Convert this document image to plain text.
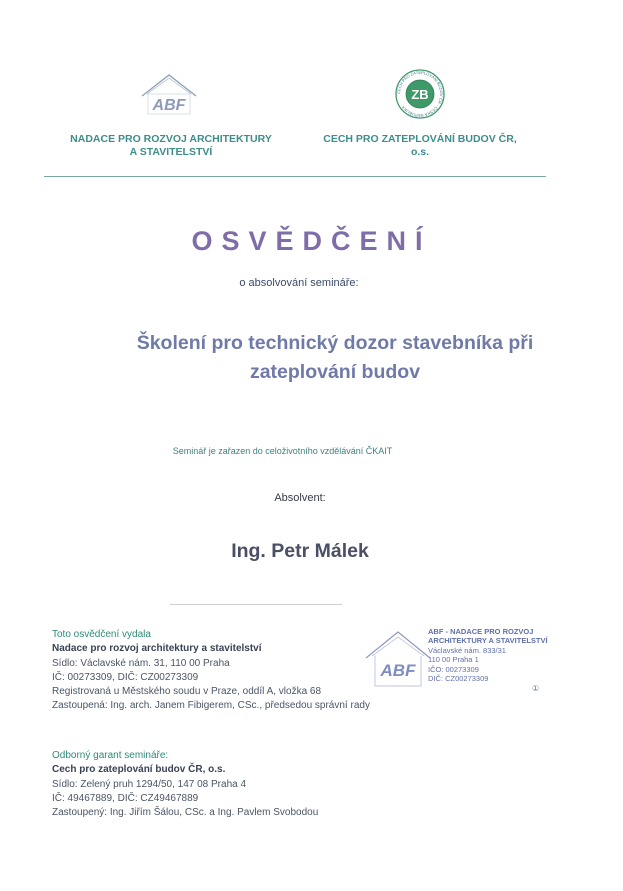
ABF
ZB
CECH PRO ZATEPLOVÁNÍ BUDOV ČR · ČESKÁ REPUBLIKA
NADACE PRO ROZVOJ ARCHITEKTURY
A STAVITELSTVÍ
CECH PRO ZATEPLOVÁNÍ BUDOV ČR,
o.s.
OSVĚDČENÍ
o absolvování semináře:
Školení pro technický dozor stavebníka při
zateplování budov
Seminář je zařazen do celoživotního vzdělávání ČKAIT
Absolvent:
Ing. Petr Málek
Toto osvědčení vydala
Nadace pro rozvoj architektury a stavitelství
Sídlo: Václavské nám. 31, 110 00 Praha
IČ: 00273309, DIČ: CZ00273309
Registrovaná u Městského soudu v Praze, oddíl A, vložka 68
Zastoupená: Ing. arch. Janem Fibigerem, CSc., předsedou správní rady
ABF
ABF - NADACE PRO ROZVOJ
ARCHITEKTURY A STAVITELSTVÍ
Václavské nám. 833/31
110 00 Praha 1
IČO: 00273309
DIČ: CZ00273309
①
Odborný garant semináře:
Cech pro zateplování budov ČR, o.s.
Sídlo: Zelený pruh 1294/50, 147 08 Praha 4
IČ: 49467889, DIČ: CZ49467889
Zastoupený: Ing. Jiřím Šálou, CSc. a Ing. Pavlem Svobodou
